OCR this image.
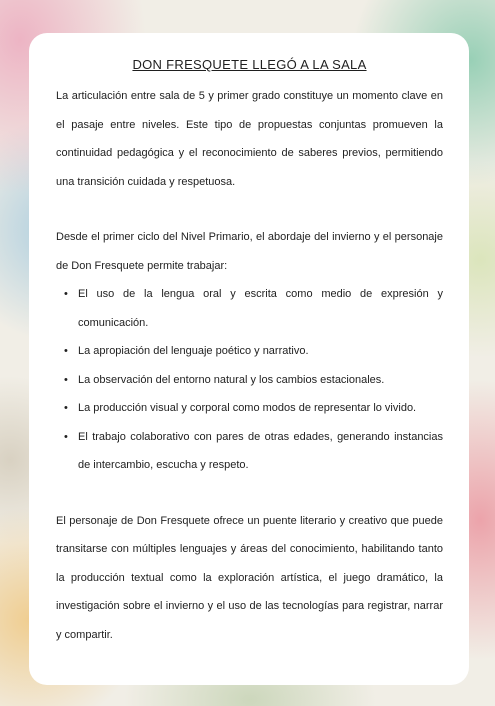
DON FRESQUETE LLEGÓ A LA SALA

La articulación entre sala de 5 y primer grado constituye un momento clave en el pasaje entre niveles. Este tipo de propuestas conjuntas promueven la continuidad pedagógica y el reconocimiento de saberes previos, permitiendo una transición cuidada y respetuosa.

Desde el primer ciclo del Nivel Primario, el abordaje del invierno y el personaje de Don Fresquete permite trabajar:

• El uso de la lengua oral y escrita como medio de expresión y comunicación.
• La apropiación del lenguaje poético y narrativo.
• La observación del entorno natural y los cambios estacionales.
• La producción visual y corporal como modos de representar lo vivido.
• El trabajo colaborativo con pares de otras edades, generando instancias de intercambio, escucha y respeto.

El personaje de Don Fresquete ofrece un puente literario y creativo que puede transitarse con múltiples lenguajes y áreas del conocimiento, habilitando tanto la producción textual como la exploración artística, el juego dramático, la investigación sobre el invierno y el uso de las tecnologías para registrar, narrar y compartir.
